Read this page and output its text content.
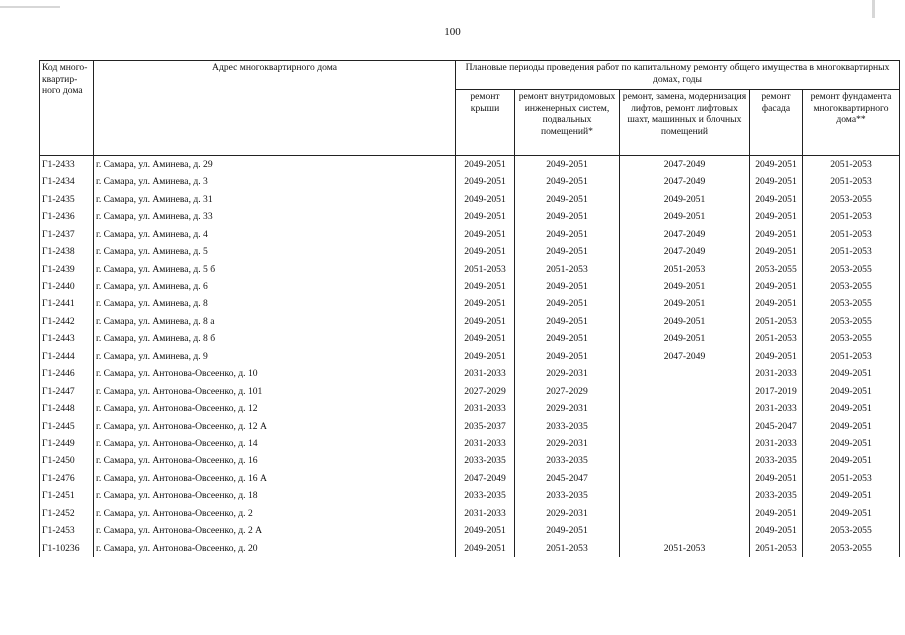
100
Код много-квартир-ного дома	Адрес многоквартирного дома	Плановые периоды проведения работ по капитальному ремонту общего имущества в многоквартирных домах, годы				
		ремонт крыши	ремонт внутридомовых инженерных систем, подвальных помещений*	ремонт, замена, модернизация лифтов, ремонт лифтовых шахт, машинных и блочных помещений	ремонт фасада	ремонт фундамента многоквартирного дома**
Г1-2433	г. Самара, ул. Аминева, д. 29	2049-2051	2049-2051	2047-2049	2049-2051	2051-2053
Г1-2434	г. Самара, ул. Аминева, д. 3	2049-2051	2049-2051	2047-2049	2049-2051	2051-2053
Г1-2435	г. Самара, ул. Аминева, д. 31	2049-2051	2049-2051	2049-2051	2049-2051	2053-2055
Г1-2436	г. Самара, ул. Аминева, д. 33	2049-2051	2049-2051	2049-2051	2049-2051	2051-2053
Г1-2437	г. Самара, ул. Аминева, д. 4	2049-2051	2049-2051	2047-2049	2049-2051	2051-2053
Г1-2438	г. Самара, ул. Аминева, д. 5	2049-2051	2049-2051	2047-2049	2049-2051	2051-2053
Г1-2439	г. Самара, ул. Аминева, д. 5 б	2051-2053	2051-2053	2051-2053	2053-2055	2053-2055
Г1-2440	г. Самара, ул. Аминева, д. 6	2049-2051	2049-2051	2049-2051	2049-2051	2053-2055
Г1-2441	г. Самара, ул. Аминева, д. 8	2049-2051	2049-2051	2049-2051	2049-2051	2053-2055
Г1-2442	г. Самара, ул. Аминева, д. 8 а	2049-2051	2049-2051	2049-2051	2051-2053	2053-2055
Г1-2443	г. Самара, ул. Аминева, д. 8 б	2049-2051	2049-2051	2049-2051	2051-2053	2053-2055
Г1-2444	г. Самара, ул. Аминева, д. 9	2049-2051	2049-2051	2047-2049	2049-2051	2051-2053
Г1-2446	г. Самара, ул. Антонова-Овсеенко, д. 10	2031-2033	2029-2031		2031-2033	2049-2051
Г1-2447	г. Самара, ул. Антонова-Овсеенко, д. 101	2027-2029	2027-2029		2017-2019	2049-2051
Г1-2448	г. Самара, ул. Антонова-Овсеенко, д. 12	2031-2033	2029-2031		2031-2033	2049-2051
Г1-2445	г. Самара, ул. Антонова-Овсеенко, д. 12 А	2035-2037	2033-2035		2045-2047	2049-2051
Г1-2449	г. Самара, ул. Антонова-Овсеенко, д. 14	2031-2033	2029-2031		2031-2033	2049-2051
Г1-2450	г. Самара, ул. Антонова-Овсеенко, д. 16	2033-2035	2033-2035		2033-2035	2049-2051
Г1-2476	г. Самара, ул. Антонова-Овсеенко, д. 16 А	2047-2049	2045-2047		2049-2051	2051-2053
Г1-2451	г. Самара, ул. Антонова-Овсеенко, д. 18	2033-2035	2033-2035		2033-2035	2049-2051
Г1-2452	г. Самара, ул. Антонова-Овсеенко, д. 2	2031-2033	2029-2031		2049-2051	2049-2051
Г1-2453	г. Самара, ул. Антонова-Овсеенко, д. 2 А	2049-2051	2049-2051		2049-2051	2053-2055
Г1-10236	г. Самара, ул. Антонова-Овсеенко, д. 20	2049-2051	2051-2053	2051-2053	2051-2053	2053-2055
